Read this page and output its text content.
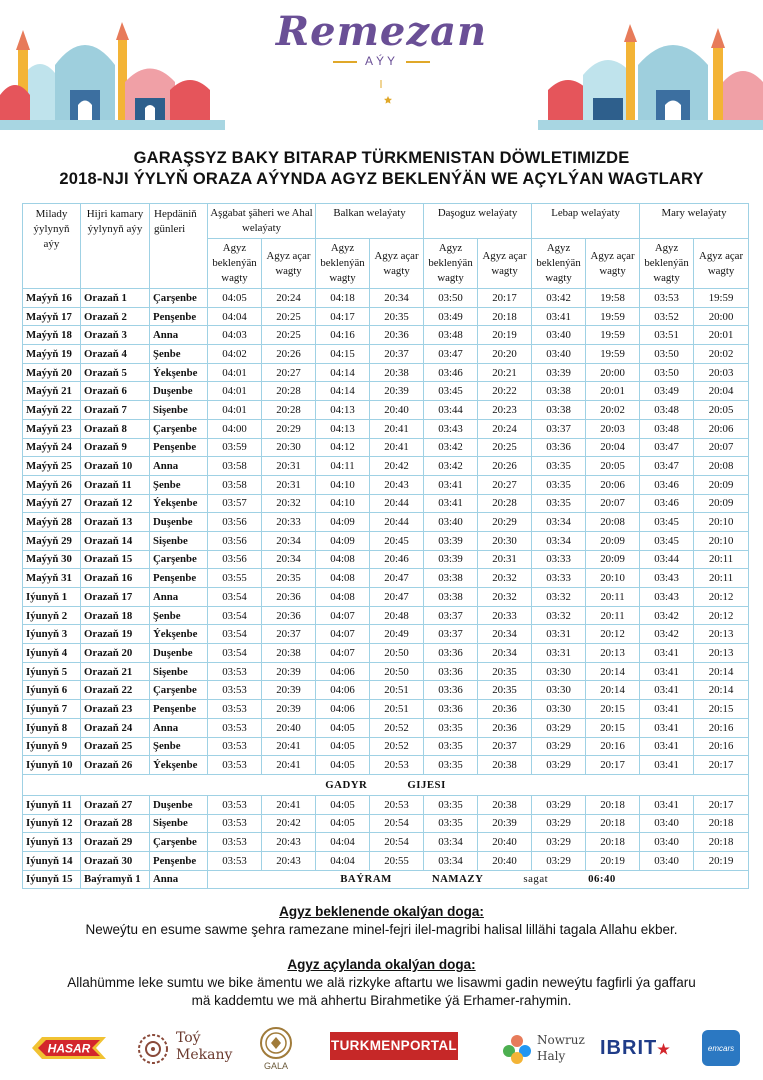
Remezan
AÝY
GARAŞSYZ BAKY BITARAP TÜRKMENISTAN DÖWLETIMIZDE
2018-NJI ÝYLYŇ ORAZA AÝYNDA AGYZ BEKLENÝÄN WE AÇYLÝAN WAGTLARY
Milady ýylynyň aýy	Hijri kamary ýylynyň aýy	Hepdäniň günleri	Aşgabat şäheri we Ahal welaýaty		Balkan welaýaty		Daşoguz welaýaty		Lebap welaýaty		Mary welaýaty	
			Agyz beklenýän wagty	Agyz açar wagty	Agyz beklenýän wagty	Agyz açar wagty	Agyz beklenýän wagty	Agyz açar wagty	Agyz beklenýän wagty	Agyz açar wagty	Agyz beklenýän wagty	Agyz açar wagty
Maýyň 16	Orazaň 1	Çarşenbe	04:05	20:24	04:18	20:34	03:50	20:17	03:42	19:58	03:53	19:59
Maýyň 17	Orazaň 2	Penşenbe	04:04	20:25	04:17	20:35	03:49	20:18	03:41	19:59	03:52	20:00
Maýyň 18	Orazaň 3	Anna	04:03	20:25	04:16	20:36	03:48	20:19	03:40	19:59	03:51	20:01
Maýyň 19	Orazaň 4	Şenbe	04:02	20:26	04:15	20:37	03:47	20:20	03:40	19:59	03:50	20:02
Maýyň 20	Orazaň 5	Ýekşenbe	04:01	20:27	04:14	20:38	03:46	20:21	03:39	20:00	03:50	20:03
Maýyň 21	Orazaň 6	Duşenbe	04:01	20:28	04:14	20:39	03:45	20:22	03:38	20:01	03:49	20:04
Maýyň 22	Orazaň 7	Sişenbe	04:01	20:28	04:13	20:40	03:44	20:23	03:38	20:02	03:48	20:05
Maýyň 23	Orazaň 8	Çarşenbe	04:00	20:29	04:13	20:41	03:43	20:24	03:37	20:03	03:48	20:06
Maýyň 24	Orazaň 9	Penşenbe	03:59	20:30	04:12	20:41	03:42	20:25	03:36	20:04	03:47	20:07
Maýyň 25	Orazaň 10	Anna	03:58	20:31	04:11	20:42	03:42	20:26	03:35	20:05	03:47	20:08
Maýyň 26	Orazaň 11	Şenbe	03:58	20:31	04:10	20:43	03:41	20:27	03:35	20:06	03:46	20:09
Maýyň 27	Orazaň 12	Ýekşenbe	03:57	20:32	04:10	20:44	03:41	20:28	03:35	20:07	03:46	20:09
Maýyň 28	Orazaň 13	Duşenbe	03:56	20:33	04:09	20:44	03:40	20:29	03:34	20:08	03:45	20:10
Maýyň 29	Orazaň 14	Sişenbe	03:56	20:34	04:09	20:45	03:39	20:30	03:34	20:09	03:45	20:10
Maýyň 30	Orazaň 15	Çarşenbe	03:56	20:34	04:08	20:46	03:39	20:31	03:33	20:09	03:44	20:11
Maýyň 31	Orazaň 16	Penşenbe	03:55	20:35	04:08	20:47	03:38	20:32	03:33	20:10	03:43	20:11
Iýunyň 1	Orazaň 17	Anna	03:54	20:36	04:08	20:47	03:38	20:32	03:32	20:11	03:43	20:12
Iýunyň 2	Orazaň 18	Şenbe	03:54	20:36	04:07	20:48	03:37	20:33	03:32	20:11	03:42	20:12
Iýunyň 3	Orazaň 19	Ýekşenbe	03:54	20:37	04:07	20:49	03:37	20:34	03:31	20:12	03:42	20:13
Iýunyň 4	Orazaň 20	Duşenbe	03:54	20:38	04:07	20:50	03:36	20:34	03:31	20:13	03:41	20:13
Iýunyň 5	Orazaň 21	Sişenbe	03:53	20:39	04:06	20:50	03:36	20:35	03:30	20:14	03:41	20:14
Iýunyň 6	Orazaň 22	Çarşenbe	03:53	20:39	04:06	20:51	03:36	20:35	03:30	20:14	03:41	20:14
Iýunyň 7	Orazaň 23	Penşenbe	03:53	20:39	04:06	20:51	03:36	20:36	03:30	20:15	03:41	20:15
Iýunyň 8	Orazaň 24	Anna	03:53	20:40	04:05	20:52	03:35	20:36	03:29	20:15	03:41	20:16
Iýunyň 9	Orazaň 25	Şenbe	03:53	20:41	04:05	20:52	03:35	20:37	03:29	20:16	03:41	20:16
Iýunyň 10	Orazaň 26	Ýekşenbe	03:53	20:41	04:05	20:53	03:35	20:38	03:29	20:17	03:41	20:17
GADYR GIJESI												
Iýunyň 11	Orazaň 27	Duşenbe	03:53	20:41	04:05	20:53	03:35	20:38	03:29	20:18	03:41	20:17
Iýunyň 12	Orazaň 28	Sişenbe	03:53	20:42	04:05	20:54	03:35	20:39	03:29	20:18	03:40	20:18
Iýunyň 13	Orazaň 29	Çarşenbe	03:53	20:43	04:04	20:54	03:34	20:40	03:29	20:18	03:40	20:18
Iýunyň 14	Orazaň 30	Penşenbe	03:53	20:43	04:04	20:55	03:34	20:40	03:29	20:19	03:40	20:19
Iýunyň 15	Baýramyň 1	Anna	BAÝRAM NAMAZY sagat 06:40									

Agyz beklenende okalýan doga:

Neweýtu en esume sawme şehra ramezane minel-fejri ilel-magribi halisal lillähi tagala Allahu ekber.

Agyz açylanda okalýan doga:

Allahümme leke sumtu we bike ämentu we alä rizkyke aftartu we lisawmi gadin neweýtu fagfirli ýa gaffaru

mä kaddemtu we mä ahhertu Birahmetike ýä Erhamer-rahymin.

HASAR
Toý
Mekany
GALA
TURKMENPORTAL	Nowruz
Haly	IBRIT★	emcars
